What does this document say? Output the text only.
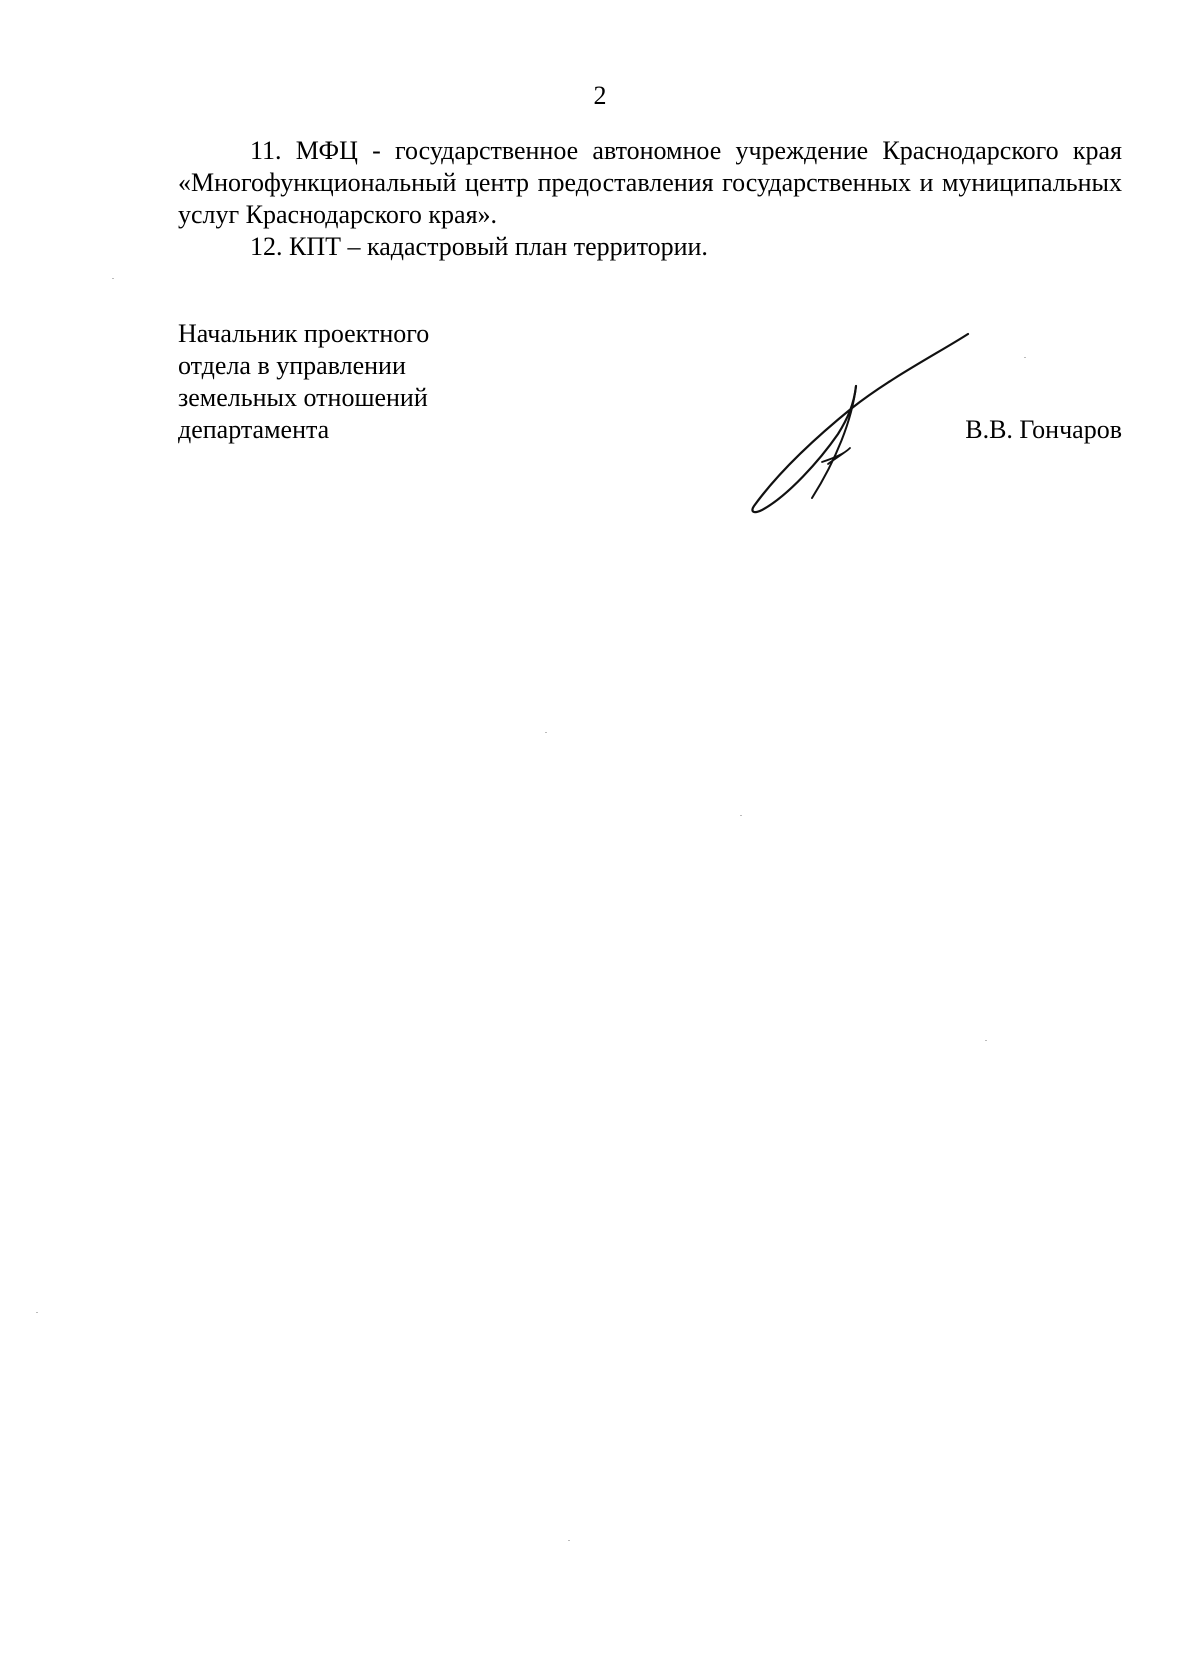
2

11. МФЦ - государственное автономное учреждение Краснодарского края «Многофункциональный центр предоставления государственных и муниципальных услуг Краснодарского края».

12. КПТ – кадастровый план территории.

Начальник проектного
отдела в управлении
земельных отношений
департамента	В.В. Гончаров
